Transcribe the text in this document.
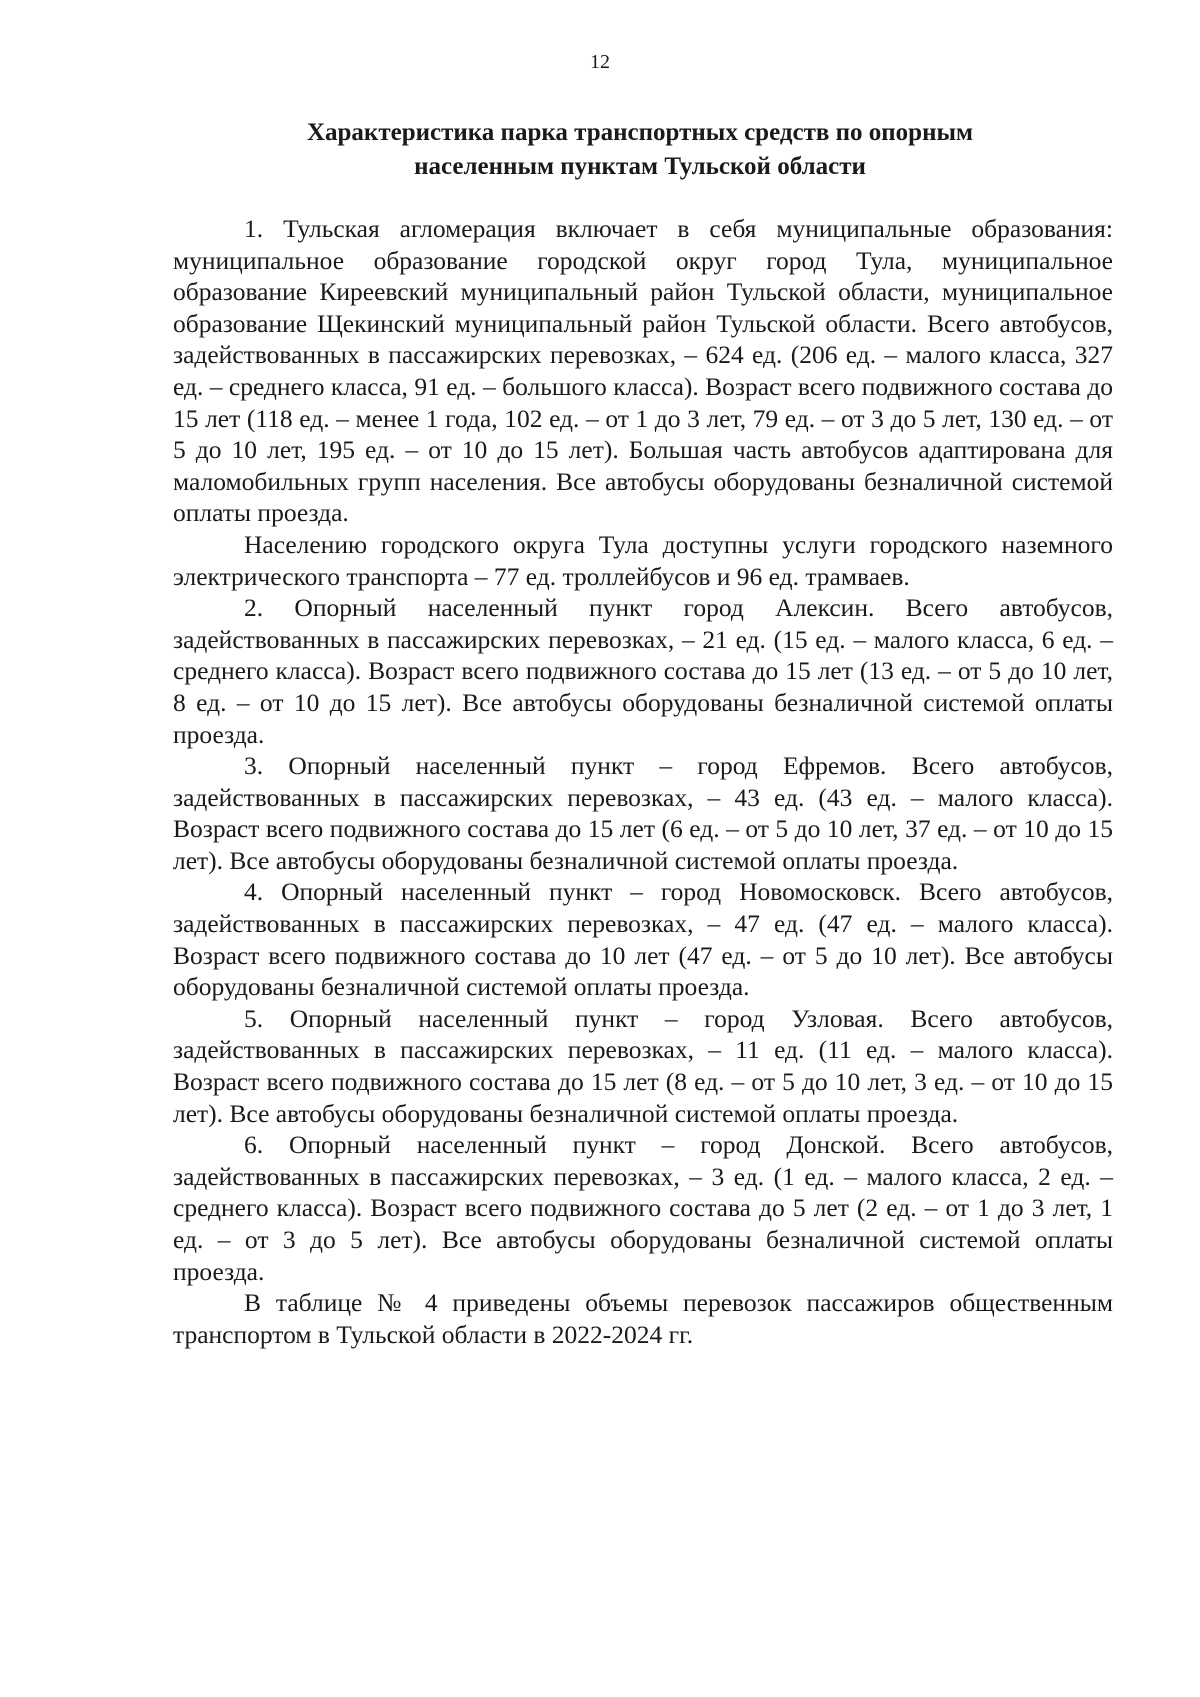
12
Характеристика парка транспортных средств по опорным
населенным пунктам Тульской области

1. Тульская агломерация включает в себя муниципальные образования: муниципальное образование городской округ город Тула, муниципальное образование Киреевский муниципальный район Тульской области, муниципальное образование Щекинский муниципальный район Тульской области. Всего автобусов, задействованных в пассажирских перевозках, – 624 ед. (206 ед. – малого класса, 327 ед. – среднего класса, 91 ед. – большого класса). Возраст всего подвижного состава до 15 лет (118 ед. – менее 1 года, 102 ед. – от 1 до 3 лет, 79 ед. – от 3 до 5 лет, 130 ед. – от 5 до 10 лет, 195 ед. – от 10 до 15 лет). Большая часть автобусов адаптирована для маломобильных групп населения. Все автобусы оборудованы безналичной системой оплаты проезда.

Населению городского округа Тула доступны услуги городского наземного электрического транспорта – 77 ед. троллейбусов и 96 ед. трамваев.

2. Опорный населенный пункт город Алексин. Всего автобусов, задействованных в пассажирских перевозках, – 21 ед. (15 ед. – малого класса, 6 ед. – среднего класса). Возраст всего подвижного состава до 15 лет (13 ед. – от 5 до 10 лет, 8 ед. – от 10 до 15 лет). Все автобусы оборудованы безналичной системой оплаты проезда.

3. Опорный населенный пункт – город Ефремов. Всего автобусов, задействованных в пассажирских перевозках, – 43 ед. (43 ед. – малого класса). Возраст всего подвижного состава до 15 лет (6 ед. – от 5 до 10 лет, 37 ед. – от 10 до 15 лет). Все автобусы оборудованы безналичной системой оплаты проезда.

4. Опорный населенный пункт – город Новомосковск. Всего автобусов, задействованных в пассажирских перевозках, – 47 ед. (47 ед. – малого класса). Возраст всего подвижного состава до 10 лет (47 ед. – от 5 до 10 лет). Все автобусы оборудованы безналичной системой оплаты проезда.

5. Опорный населенный пункт – город Узловая. Всего автобусов, задействованных в пассажирских перевозках, – 11 ед. (11 ед. – малого класса). Возраст всего подвижного состава до 15 лет (8 ед. – от 5 до 10 лет, 3 ед. – от 10 до 15 лет). Все автобусы оборудованы безналичной системой оплаты проезда.

6. Опорный населенный пункт – город Донской. Всего автобусов, задействованных в пассажирских перевозках, – 3 ед. (1 ед. – малого класса, 2 ед. – среднего класса). Возраст всего подвижного состава до 5 лет (2 ед. – от 1 до 3 лет, 1 ед. – от 3 до 5 лет). Все автобусы оборудованы безналичной системой оплаты проезда.

В таблице № 4 приведены объемы перевозок пассажиров общественным транспортом в Тульской области в 2022-2024 гг.
